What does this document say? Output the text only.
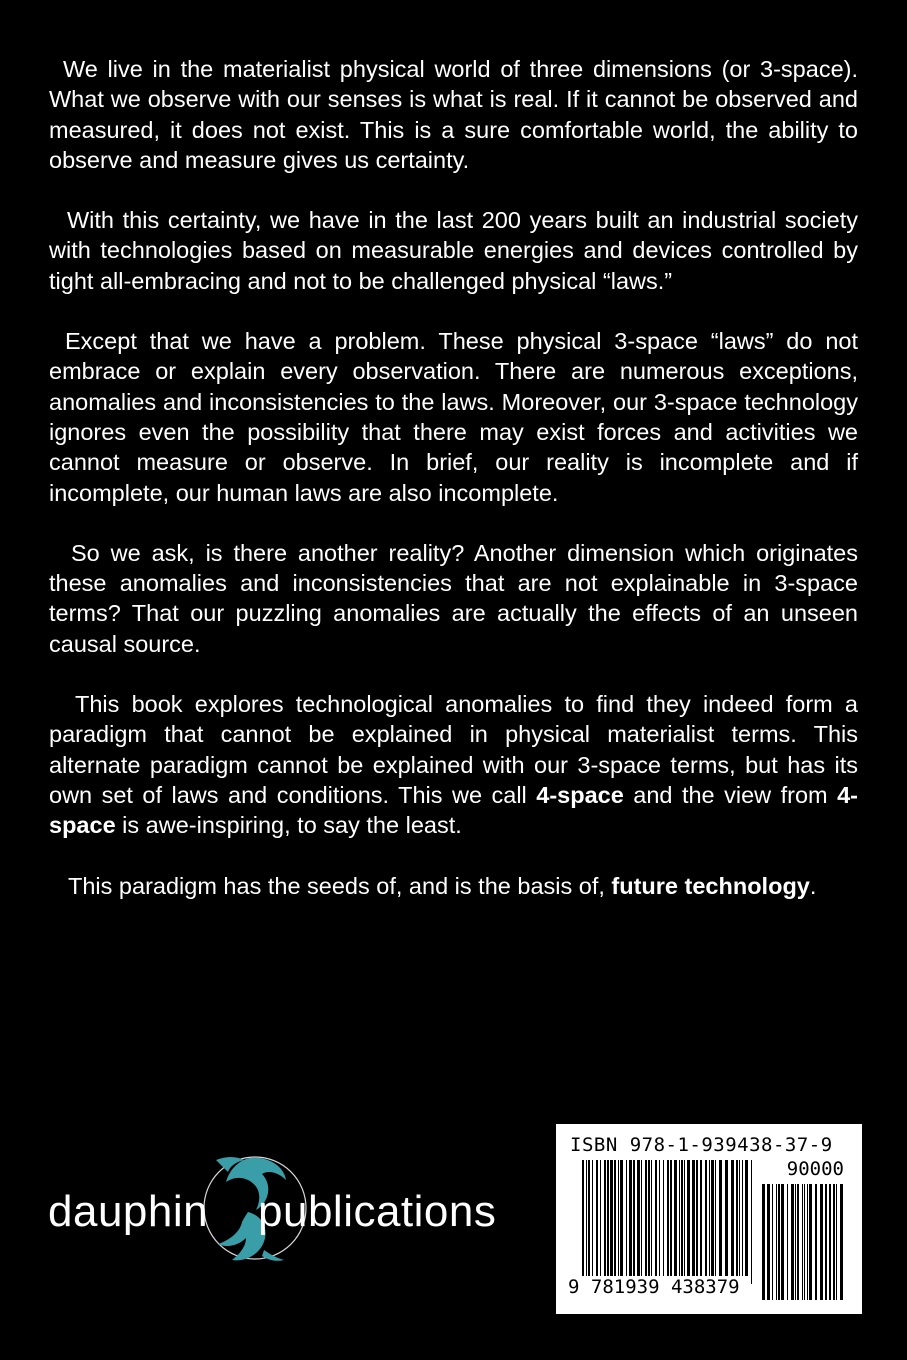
We live in the materialist physical world of three dimensions (or 3-space). What we observe with our senses is what is real. If it cannot be observed and measured, it does not exist. This is a sure comfortable world, the ability to observe and measure gives us certainty.

With this certainty, we have in the last 200 years built an industrial society with technologies based on measurable energies and devices controlled by tight all-embracing and not to be challenged physical “laws.”

Except that we have a problem. These physical 3-space “laws” do not embrace or explain every observation. There are numerous exceptions, anomalies and inconsistencies to the laws. Moreover, our 3-space technology ignores even the possibility that there may exist forces and activities we cannot measure or observe. In brief, our reality is incomplete and if incomplete, our human laws are also incomplete.

So we ask, is there another reality? Another dimension which originates these anomalies and inconsistencies that are not explainable in 3-space terms? That our puzzling anomalies are actually the effects of an unseen causal source.

This book explores technological anomalies to find they indeed form a paradigm that cannot be explained in physical materialist terms. This alternate paradigm cannot be explained with our 3-space terms, but has its own set of laws and conditions. This we call 4-space and the view from 4-space is awe-inspiring, to say the least.

This paradigm has the seeds of, and is the basis of, future technology.

dauphin publications
ISBN 978-1-939438-37-9
90000
9 781939 438379
